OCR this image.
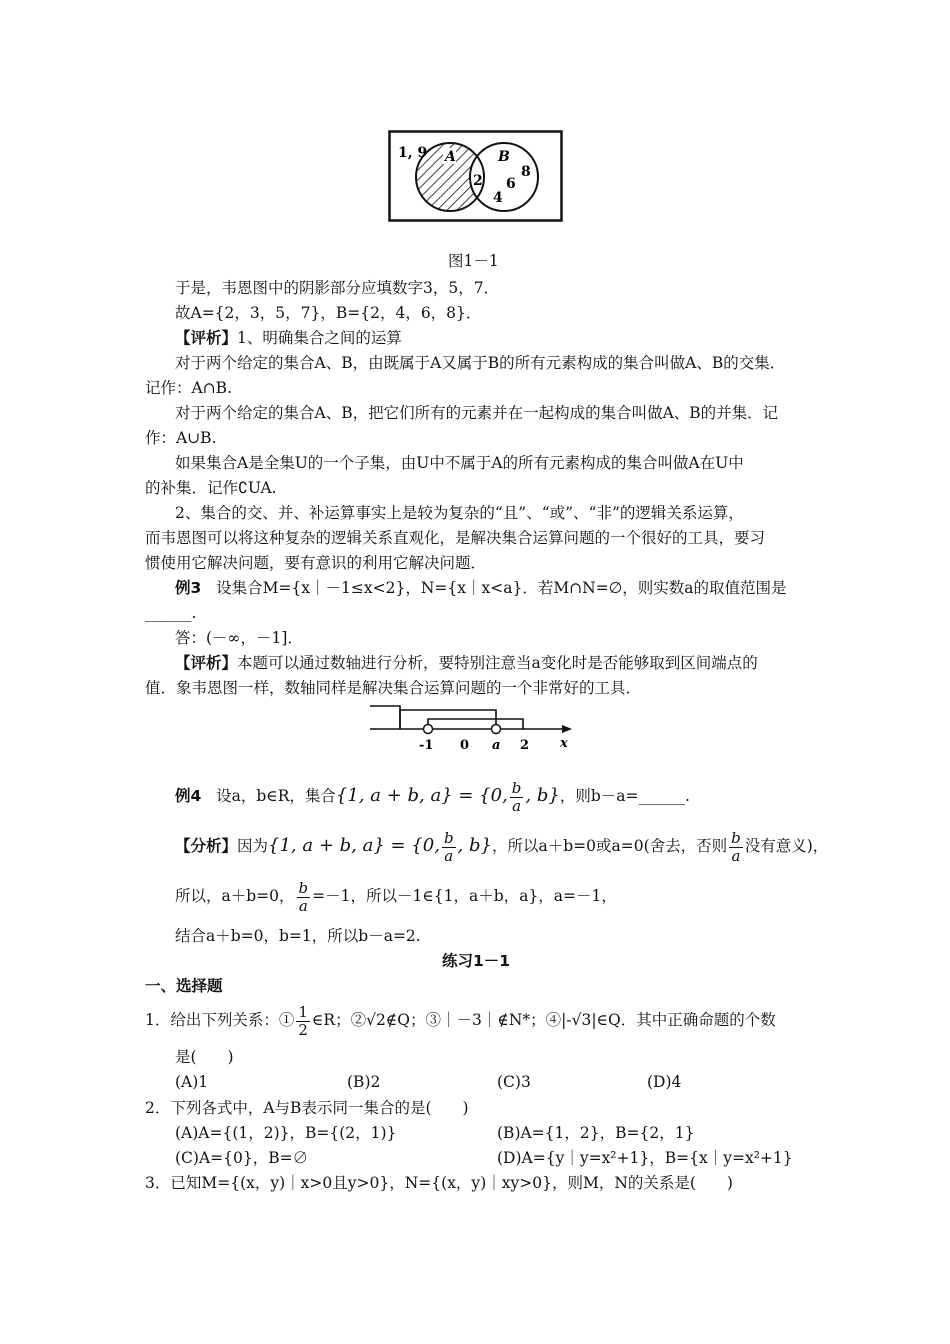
1, 9 A	B
2 6
8
4
图1－1
于是，韦恩图中的阴影部分应填数字3，5，7．
故A={2，3，5，7}，B={2，4，6，8}．
【评析】1、明确集合之间的运算
对于两个给定的集合A、B，由既属于A又属于B的所有元素构成的集合叫做A、B的交集．
记作：A∩B.
对于两个给定的集合A、B，把它们所有的元素并在一起构成的集合叫做A、B的并集．记
作：A∪B.
如果集合A是全集U的一个子集，由U中不属于A的所有元素构成的集合叫做A在U中
的补集．记作∁UA.
2、集合的交、并、补运算事实上是较为复杂的“且”、“或”、“非”的逻辑关系运算，
而韦恩图可以将这种复杂的逻辑关系直观化，是解决集合运算问题的一个很好的工具，要习
惯使用它解决问题，要有意识的利用它解决问题．
例3 设集合M={x｜－1≤x<2}，N={x｜x<a}．若M∩N=∅，则实数a的取值范围是
______.
答：(－∞，－1]．
【评析】本题可以通过数轴进行分析，要特别注意当a变化时是否能够取到区间端点的
值．象韦恩图一样，数轴同样是解决集合运算问题的一个非常好的工具．
-1 0 a 2 x
例4 设a，b∈R，集合{1, a + b, a} = {0, $\frac{b}{a}$ , b}，则b－a=______.
【分析】因为{1, a + b, a} = {0, $\frac{b}{a}$ , b}，所以a＋b=0或a=0(舍去，否则 $\frac{b}{a}$ 没有意义)，
所以，a＋b=0， $\frac{b}{a} =-1$，所以－1∈{1，a＋b，a}，a=－1，
结合a＋b=0，b=1，所以b－a=2.
练习1－1
一、选择题
1．给出下列关系：① $\frac{1}{2}$ ∈R；②√2∉Q；③｜－3｜∉N*；④|-√3|∈Q．其中正确命题的个数
是(　　)
(A)1	(B)2	(C)3	(D)4
2．下列各式中，A与B表示同一集合的是(　　)
(A)A={(1，2)}，B={(2，1)}	(B)A={1，2}，B={2，1}
(C)A={0}，B=∅	(D)A={y｜y=x²+1}，B={x｜y=x²+1}
3．已知M={(x，y)｜x>0且y>0}，N={(x，y)｜xy>0}，则M，N的关系是(　　)
